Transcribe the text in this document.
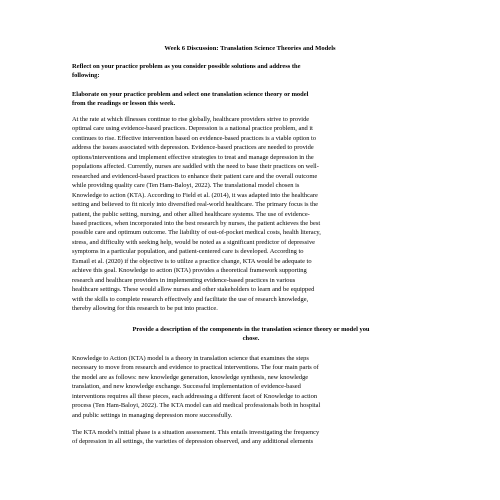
Week 6 Discussion: Translation Science Theories and Models
Reflect on your practice problem as you consider possible solutions and address the
following:
Elaborate on your practice problem and select one translation science theory or model
from the readings or lesson this week.
At the rate at which illnesses continue to rise globally, healthcare providers strive to provide
optimal care using evidence-based practices. Depression is a national practice problem, and it
continues to rise. Effective intervention based on evidence-based practices is a viable option to
address the issues associated with depression. Evidence-based practices are needed to provide
options/interventions and implement effective strategies to treat and manage depression in the
populations affected. Currently, nurses are saddled with the need to base their practices on well-
researched and evidenced-based practices to enhance their patient care and the overall outcome
while providing quality care (Ten Ham-Baloyi, 2022). The translational model chosen is
Knowledge to action (KTA). According to Field et al. (2014), it was adapted into the healthcare
setting and believed to fit nicely into diversified real-world healthcare. The primary focus is the
patient, the public setting, nursing, and other allied healthcare systems. The use of evidence-
based practices, when incorporated into the best research by nurses, the patient achieves the best
possible care and optimum outcome. The liability of out-of-pocket medical costs, health literacy,
stress, and difficulty with seeking help, would be noted as a significant predictor of depressive
symptoms in a particular population, and patient-centered care is developed. According to
Esmail et al. (2020) if the objective is to utilize a practice change, KTA would be adequate to
achieve this goal. Knowledge to action (KTA) provides a theoretical framework supporting
research and healthcare providers in implementing evidence-based practices in various
healthcare settings. These would allow nurses and other stakeholders to learn and be equipped
with the skills to complete research effectively and facilitate the use of research knowledge,
thereby allowing for this research to be put into practice.
Provide a description of the components in the translation science theory or model you
chose.
Knowledge to Action (KTA) model is a theory in translation science that examines the steps
necessary to move from research and evidence to practical interventions. The four main parts of
the model are as follows: new knowledge generation, knowledge synthesis, new knowledge
translation, and new knowledge exchange. Successful implementation of evidence-based
interventions requires all these pieces, each addressing a different facet of Knowledge to action
process (Ten Ham-Baloyi, 2022). The KTA model can aid medical professionals both in hospital
and public settings in managing depression more successfully.
The KTA model's initial phase is a situation assessment. This entails investigating the frequency
of depression in all settings, the varieties of depression observed, and any additional elements
